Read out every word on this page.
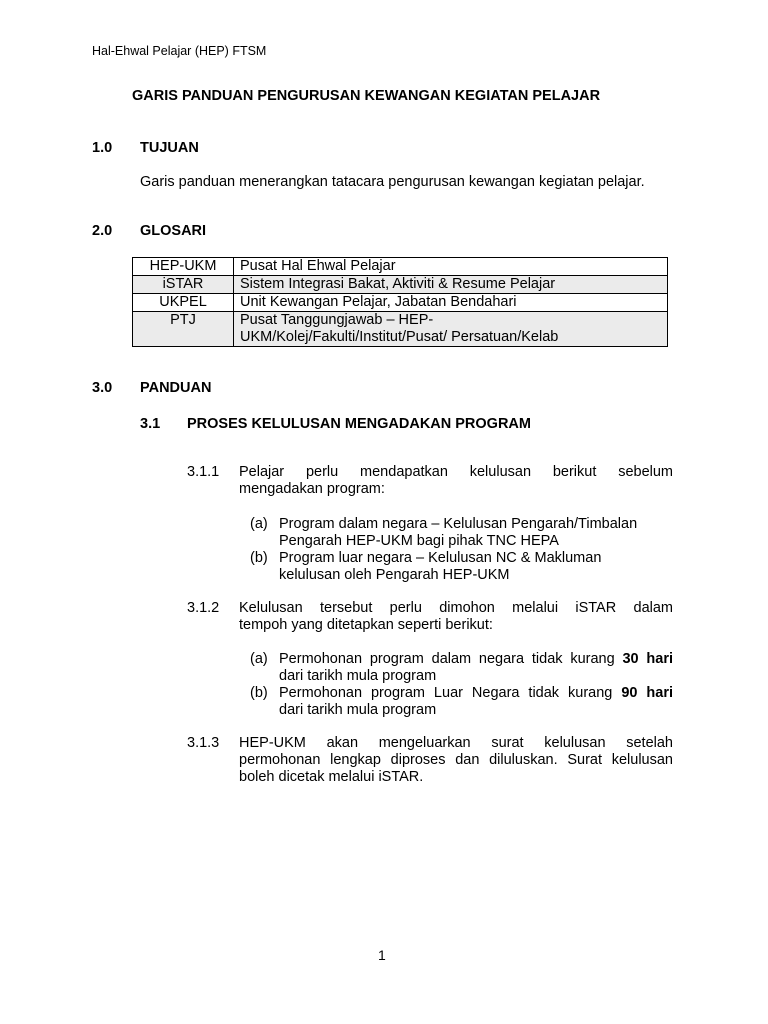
Hal-Ehwal Pelajar (HEP) FTSM
GARIS PANDUAN PENGURUSAN KEWANGAN KEGIATAN PELAJAR
1.0 TUJUAN
Garis panduan menerangkan tatacara pengurusan kewangan kegiatan pelajar.
2.0 GLOSARI
HEP-UKM	Pusat Hal Ehwal Pelajar
iSTAR	Sistem Integrasi Bakat, Aktiviti & Resume Pelajar
UKPEL	Unit Kewangan Pelajar, Jabatan Bendahari
PTJ	Pusat Tanggungjawab – HEP-
UKM/Kolej/Fakulti/Institut/Pusat/ Persatuan/Kelab
3.0 PANDUAN
3.1 PROSES KELULUSAN MENGADAKAN PROGRAM
3.1.1 Pelajar perlu mendapatkan kelulusan berikut sebelum
mengadakan program:
(a) Program dalam negara – Kelulusan Pengarah/Timbalan
Pengarah HEP-UKM bagi pihak TNC HEPA
(b) Program luar negara – Kelulusan NC & Makluman
kelulusan oleh Pengarah HEP-UKM
3.1.2 Kelulusan tersebut perlu dimohon melalui iSTAR dalam
tempoh yang ditetapkan seperti berikut:
(a) Permohonan program dalam negara tidak kurang 30 hari
dari tarikh mula program
(b) Permohonan program Luar Negara tidak kurang 90 hari
dari tarikh mula program
3.1.3 HEP-UKM akan mengeluarkan surat kelulusan setelah
permohonan lengkap diproses dan diluluskan. Surat kelulusan
boleh dicetak melalui iSTAR.
1
